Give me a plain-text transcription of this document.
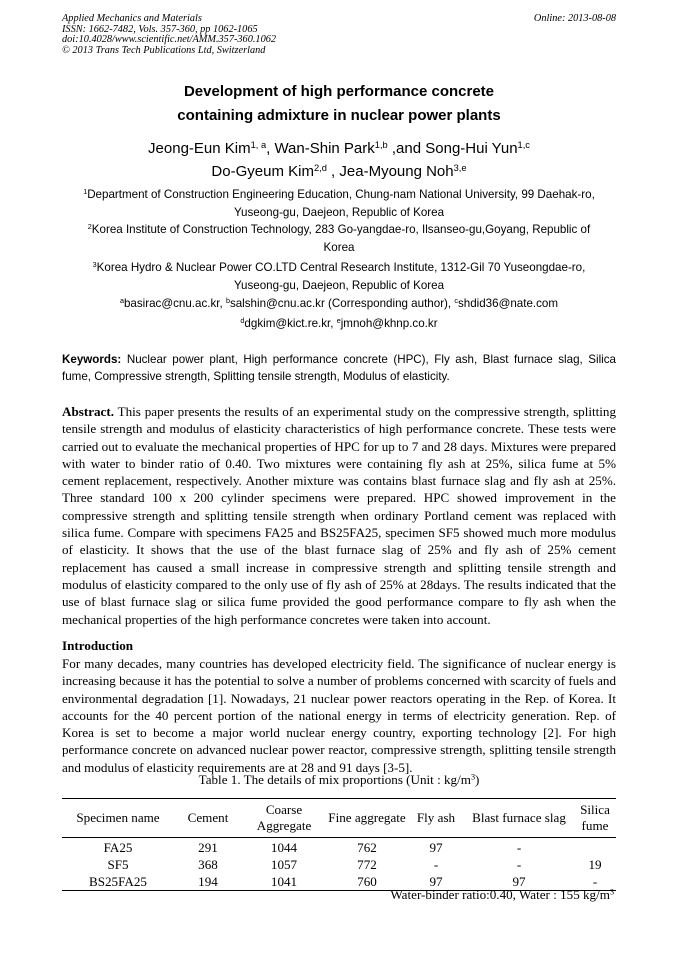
Applied Mechanics and Materials
ISSN: 1662-7482, Vols. 357-360, pp 1062-1065
doi:10.4028/www.scientific.net/AMM.357-360.1062
© 2013 Trans Tech Publications Ltd, Switzerland
Online: 2013-08-08
Development of high performance concrete
containing admixture in nuclear power plants
Jeong-Eun Kim$^{1, a}$, Wan-Shin Park$^{1,b}$ ,and Song-Hui Yun$^{1,c}$
Do-Gyeum Kim$^{2,d}$ , Jea-Myoung Noh$^{3,e}$
$^1$Department of Construction Engineering Education, Chung-nam National University, 99 Daehak-ro,
Yuseong-gu, Daejeon, Republic of Korea
$^2$Korea Institute of Construction Technology, 283 Go-yangdae-ro, Ilsanseo-gu,Goyang, Republic of
Korea
$^3$Korea Hydro & Nuclear Power CO.LTD Central Research Institute, 1312-Gil 70 Yuseongdae-ro,
Yuseong-gu, Daejeon, Republic of Korea
$^a$basirac@cnu.ac.kr, $^b$salshin@cnu.ac.kr (Corresponding author), $^c$shdid36@nate.com
$^d$dgkim@kict.re.kr, $^e$jmnoh@khnp.co.kr
Keywords: Nuclear power plant, High performance concrete (HPC), Fly ash, Blast furnace slag, Silica fume, Compressive strength, Splitting tensile strength, Modulus of elasticity.
Abstract. This paper presents the results of an experimental study on the compressive strength, splitting tensile strength and modulus of elasticity characteristics of high performance concrete. These tests were carried out to evaluate the mechanical properties of HPC for up to 7 and 28 days. Mixtures were prepared with water to binder ratio of 0.40. Two mixtures were containing fly ash at 25%, silica fume at 5% cement replacement, respectively. Another mixture was contains blast furnace slag and fly ash at 25%. Three standard 100 x 200 cylinder specimens were prepared. HPC showed improvement in the compressive strength and splitting tensile strength when ordinary Portland cement was replaced with silica fume. Compare with specimens FA25 and BS25FA25, specimen SF5 showed much more modulus of elasticity. It shows that the use of the blast furnace slag of 25% and fly ash of 25% cement replacement has caused a small increase in compressive strength and splitting tensile strength and modulus of elasticity compared to the only use of fly ash of 25% at 28days. The results indicated that the use of blast furnace slag or silica fume provided the good performance compare to fly ash when the mechanical properties of the high performance concretes were taken into account.
Introduction
For many decades, many countries has developed electricity field. The significance of nuclear energy is increasing because it has the potential to solve a number of problems concerned with scarcity of fuels and environmental degradation [1]. Nowadays, 21 nuclear power reactors operating in the Rep. of Korea. It accounts for the 40 percent portion of the national energy in terms of electricity generation. Rep. of Korea is set to become a major world nuclear energy country, exporting technology [2]. For high performance concrete on advanced nuclear power reactor, compressive strength, splitting tensile strength and modulus of elasticity requirements are at 28 and 91 days [3-5].
Table 1. The details of mix proportions (Unit : $kg/m^3$)
Specimen name	Cement	Coarse Aggregate	Fine aggregate	Fly ash	Blast furnace slag	Silica fume
FA25	291	1044	762	97	-	
SF5	368	1057	772	-	-	19
BS25FA25	194	1041	760	97	97	-
Water-binder ratio:0.40, Water : 155 $kg/m^3$
